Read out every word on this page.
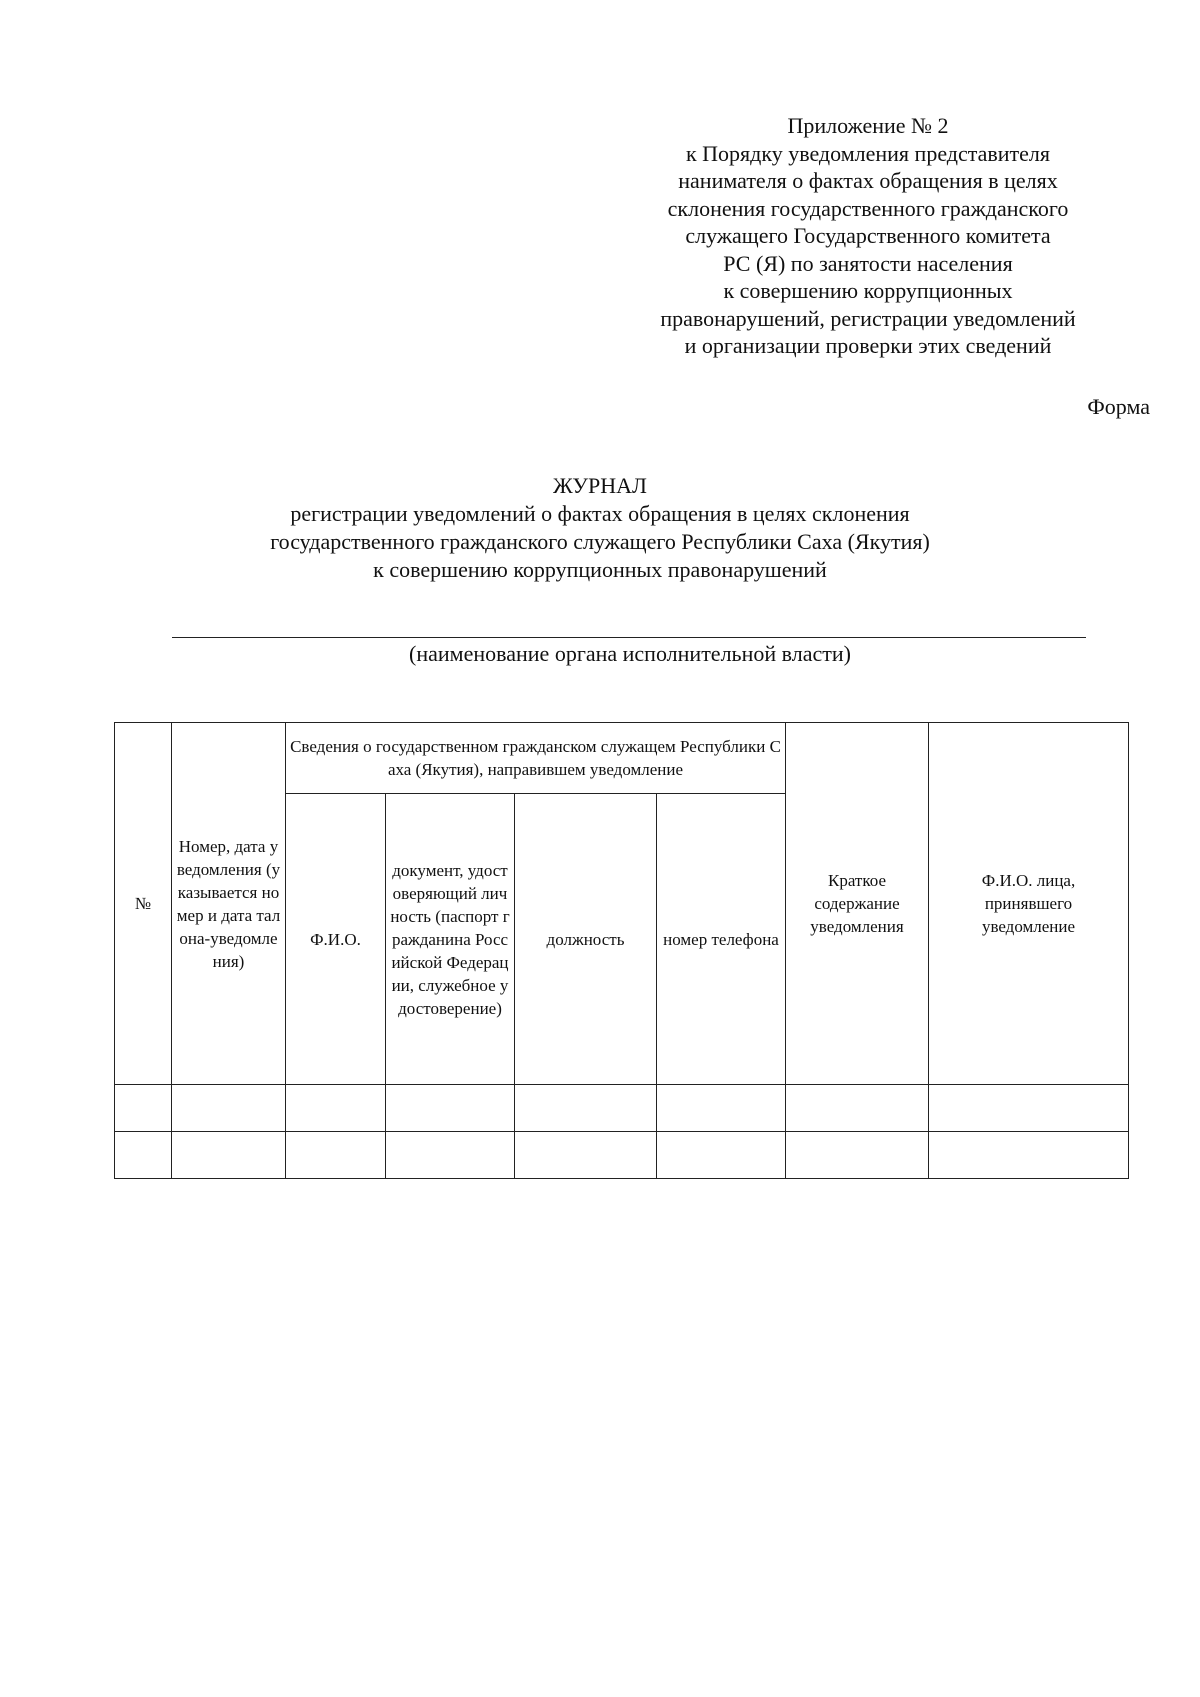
Приложение № 2
к Порядку уведомления представителя
нанимателя о фактах обращения в целях
склонения государственного гражданского
служащего Государственного комитета
РС (Я) по занятости населения
к совершению коррупционных
правонарушений, регистрации уведомлений
и организации проверки этих сведений
Форма
ЖУРНАЛ
регистрации уведомлений о фактах обращения в целях склонения
государственного гражданского служащего Республики Саха (Якутия)
к совершению коррупционных правонарушений
(наименование органа исполнительной власти)
№	Номер, дата уведомления (указывается номер и дата талона-уведомления)	Сведения о государственном гражданском служащем Республики Саха (Якутия), направившем уведомление				Краткое содержание уведомления	Ф.И.О. лица, принявшего уведомление
		Ф.И.О.	документ, удостоверяющий личность (паспорт гражданина Российской Федерации, служебное удостоверение)	должность	номер телефона		
